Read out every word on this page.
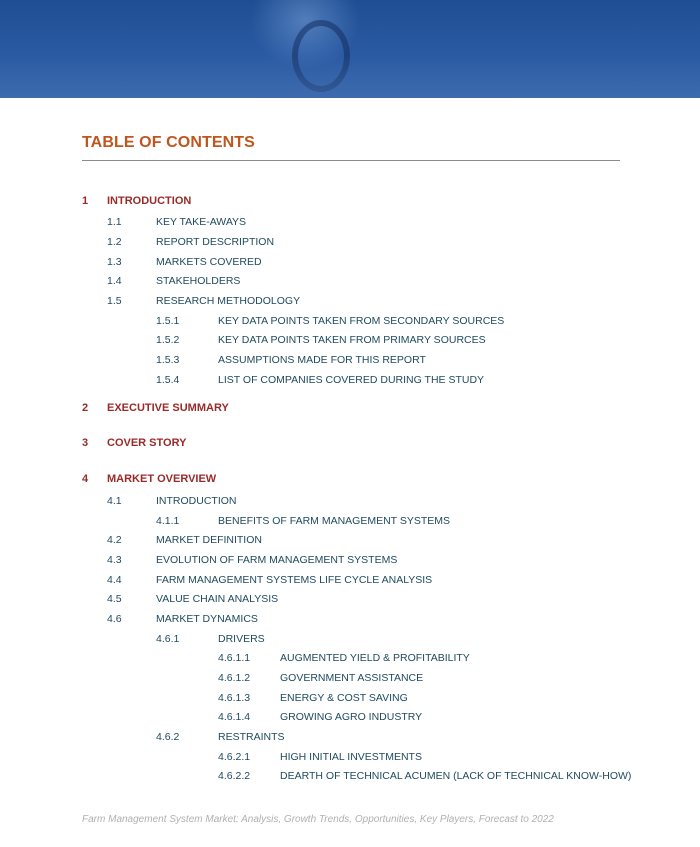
TABLE OF CONTENTS
1 INTRODUCTION
1.1	KEY TAKE-AWAYS
1.2	REPORT DESCRIPTION
1.3	MARKETS COVERED
1.4	STAKEHOLDERS
1.5	RESEARCH METHODOLOGY
1.5.1	KEY DATA POINTS TAKEN FROM SECONDARY SOURCES
1.5.2	KEY DATA POINTS TAKEN FROM PRIMARY SOURCES
1.5.3	ASSUMPTIONS MADE FOR THIS REPORT
1.5.4	LIST OF COMPANIES COVERED DURING THE STUDY
2 EXECUTIVE SUMMARY
3 COVER STORY
4 MARKET OVERVIEW
4.1	INTRODUCTION
4.1.1	BENEFITS OF FARM MANAGEMENT SYSTEMS
4.2	MARKET DEFINITION
4.3	EVOLUTION OF FARM MANAGEMENT SYSTEMS
4.4	FARM MANAGEMENT SYSTEMS LIFE CYCLE ANALYSIS
4.5	VALUE CHAIN ANALYSIS
4.6	MARKET DYNAMICS
4.6.1	DRIVERS
4.6.1.1	AUGMENTED YIELD & PROFITABILITY
4.6.1.2	GOVERNMENT ASSISTANCE
4.6.1.3	ENERGY & COST SAVING
4.6.1.4	GROWING AGRO INDUSTRY
4.6.2	RESTRAINTS
4.6.2.1	HIGH INITIAL INVESTMENTS
4.6.2.2	DEARTH OF TECHNICAL ACUMEN (LACK OF TECHNICAL KNOW-HOW)
Farm Management System Market: Analysis, Growth Trends, Opportunities, Key Players, Forecast to 2022
